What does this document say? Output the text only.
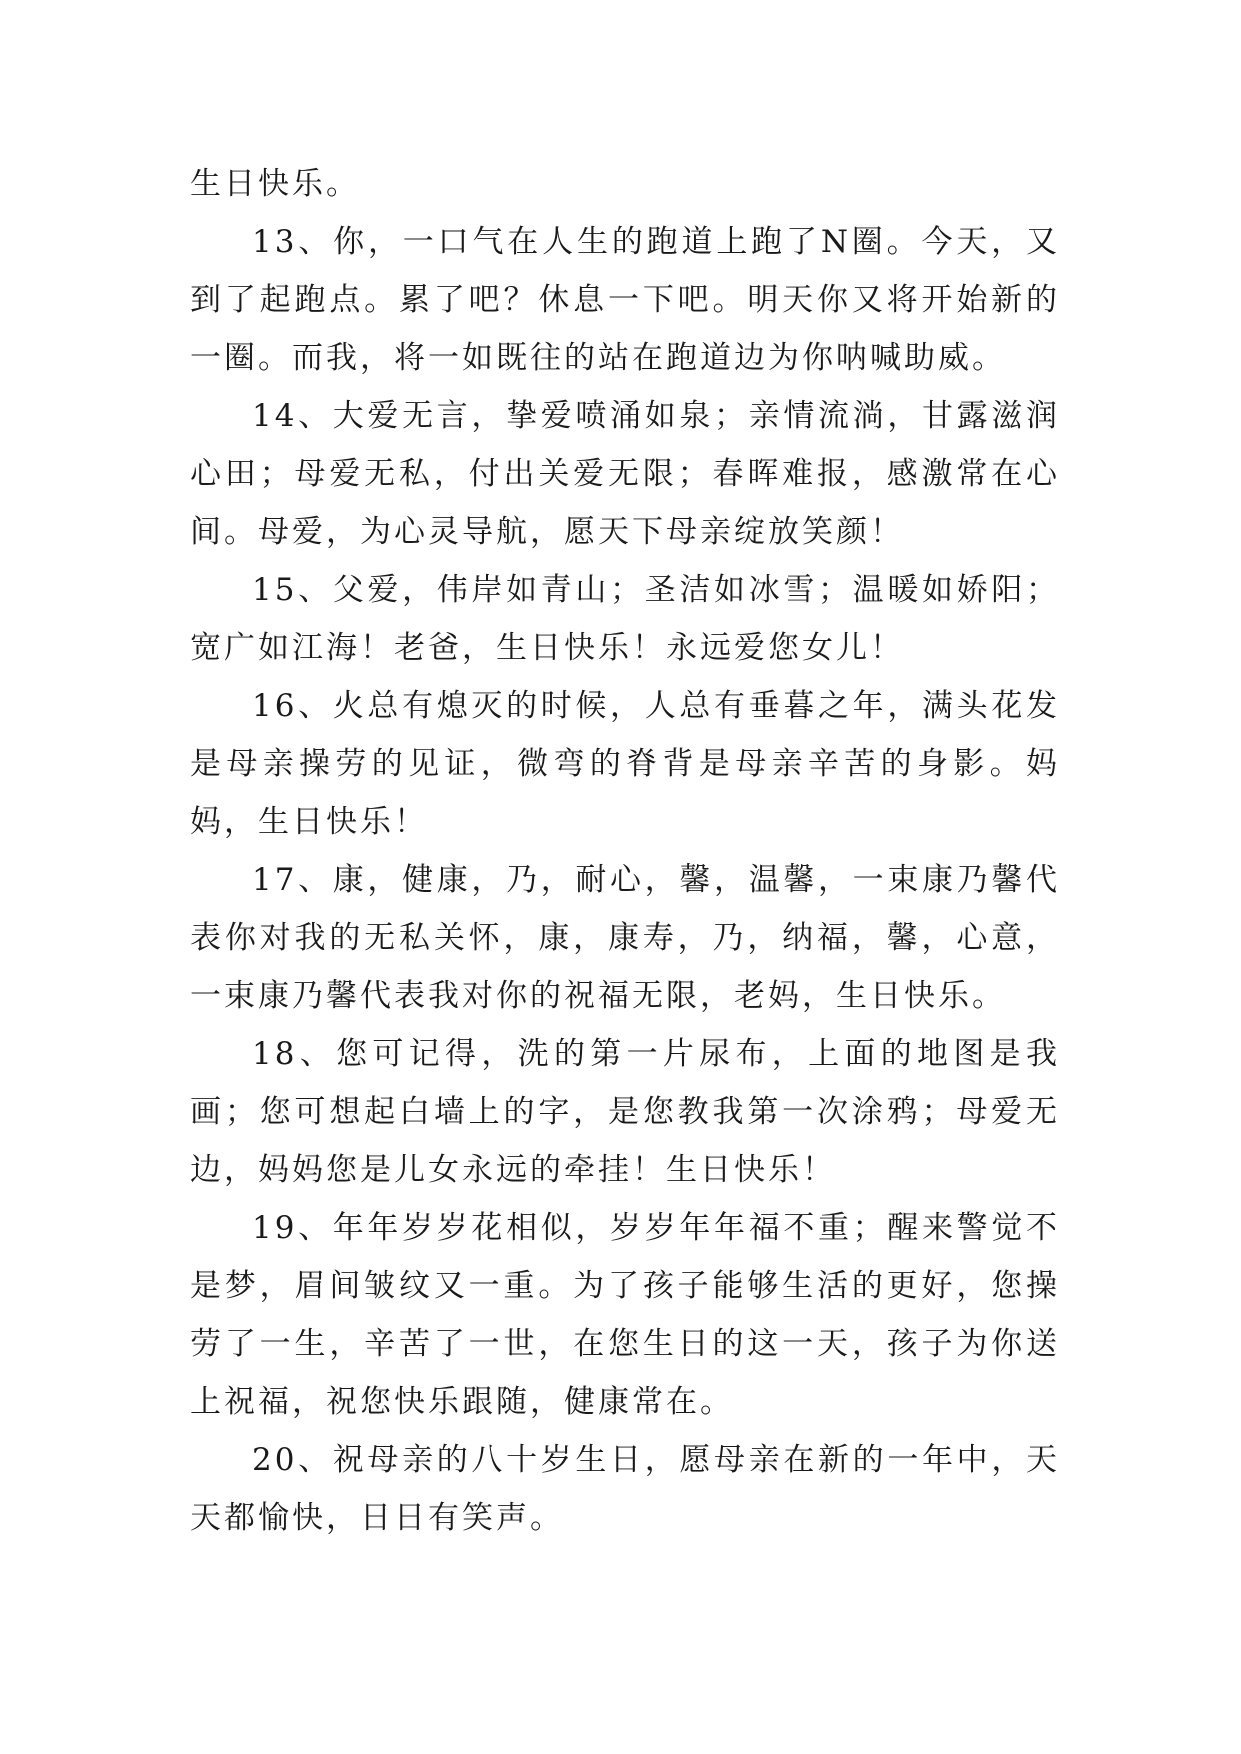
生日快乐。

13、你，一口气在人生的跑道上跑了N圈。今天，又到了起跑点。累了吧？休息一下吧。明天你又将开始新的一圈。而我，将一如既往的站在跑道边为你呐喊助威。

14、大爱无言，挚爱喷涌如泉；亲情流淌，甘露滋润心田；母爱无私，付出关爱无限；春晖难报，感激常在心间。母爱，为心灵导航，愿天下母亲绽放笑颜！

15、父爱，伟岸如青山；圣洁如冰雪；温暖如娇阳；宽广如江海！老爸，生日快乐！永远爱您女儿！

16、火总有熄灭的时候，人总有垂暮之年，满头花发是母亲操劳的见证，微弯的脊背是母亲辛苦的身影。妈妈，生日快乐！

17、康，健康，乃，耐心，馨，温馨，一束康乃馨代表你对我的无私关怀，康，康寿，乃，纳福，馨，心意，一束康乃馨代表我对你的祝福无限，老妈，生日快乐。

18、您可记得，洗的第一片尿布，上面的地图是我画；您可想起白墙上的字，是您教我第一次涂鸦；母爱无边，妈妈您是儿女永远的牵挂！生日快乐！

19、年年岁岁花相似，岁岁年年福不重；醒来警觉不是梦，眉间皱纹又一重。为了孩子能够生活的更好，您操劳了一生，辛苦了一世，在您生日的这一天，孩子为你送上祝福，祝您快乐跟随，健康常在。

20、祝母亲的八十岁生日，愿母亲在新的一年中，天天都愉快，日日有笑声。
